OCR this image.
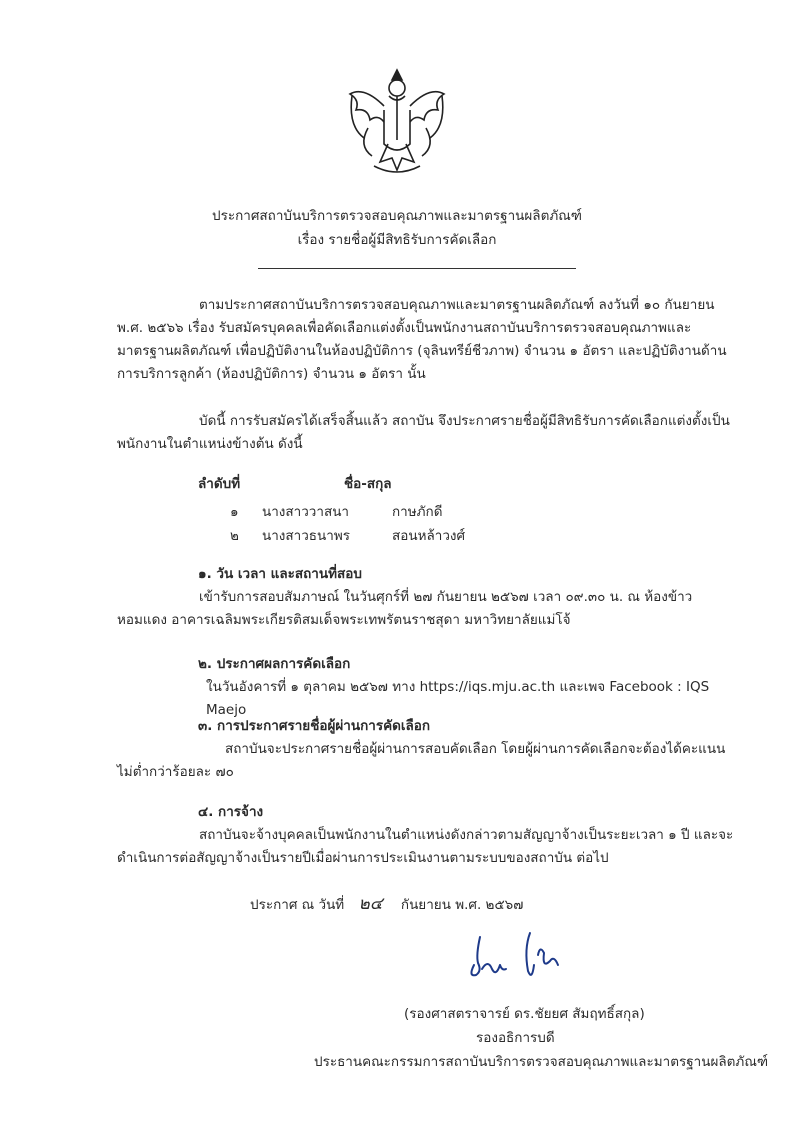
ประกาศสถาบันบริการตรวจสอบคุณภาพและมาตรฐานผลิตภัณฑ์
เรื่อง รายชื่อผู้มีสิทธิรับการคัดเลือก
ตามประกาศสถาบันบริการตรวจสอบคุณภาพและมาตรฐานผลิตภัณฑ์ ลงวันที่ ๑๐ กันยายน พ.ศ. ๒๕๖๖ เรื่อง รับสมัครบุคคลเพื่อคัดเลือกแต่งตั้งเป็นพนักงานสถาบันบริการตรวจสอบคุณภาพและมาตรฐานผลิตภัณฑ์ เพื่อปฏิบัติงานในห้องปฏิบัติการ (จุลินทรีย์ชีวภาพ) จำนวน ๑ อัตรา และปฏิบัติงานด้านการบริการลูกค้า (ห้องปฏิบัติการ) จำนวน ๑ อัตรา นั้น
บัดนี้ การรับสมัครได้เสร็จสิ้นแล้ว สถาบัน จึงประกาศรายชื่อผู้มีสิทธิรับการคัดเลือกแต่งตั้งเป็นพนักงานในตำแหน่งข้างต้น ดังนี้
ลำดับที่	ชื่อ-สกุล
๑ นางสาววาสนา	กาษภักดี
๒ นางสาวธนาพร	สอนหล้าวงศ์
๑. วัน เวลา และสถานที่สอบ
เข้ารับการสอบสัมภาษณ์ ในวันศุกร์ที่ ๒๗ กันยายน ๒๕๖๗ เวลา ๐๙.๓๐ น. ณ ห้องข้าวหอมแดง อาคารเฉลิมพระเกียรติสมเด็จพระเทพรัตนราชสุดา มหาวิทยาลัยแม่โจ้
๒. ประกาศผลการคัดเลือก
ในวันอังคารที่ ๑ ตุลาคม ๒๕๖๗ ทาง https://iqs.mju.ac.th และเพจ Facebook : IQS Maejo
๓. การประกาศรายชื่อผู้ผ่านการคัดเลือก
สถาบันจะประกาศรายชื่อผู้ผ่านการสอบคัดเลือก โดยผู้ผ่านการคัดเลือกจะต้องได้คะแนนไม่ต่ำกว่าร้อยละ ๗๐
๔. การจ้าง
สถาบันจะจ้างบุคคลเป็นพนักงานในตำแหน่งดังกล่าวตามสัญญาจ้างเป็นระยะเวลา ๑ ปี และจะดำเนินการต่อสัญญาจ้างเป็นรายปีเมื่อผ่านการประเมินงานตามระบบของสถาบัน ต่อไป
ประกาศ ณ วันที่ ๒๔ กันยายน พ.ศ. ๒๕๖๗
(รองศาสตราจารย์ ดร.ชัยยศ สัมฤทธิ์สกุล)
รองอธิการบดี
ประธานคณะกรรมการสถาบันบริการตรวจสอบคุณภาพและมาตรฐานผลิตภัณฑ์
